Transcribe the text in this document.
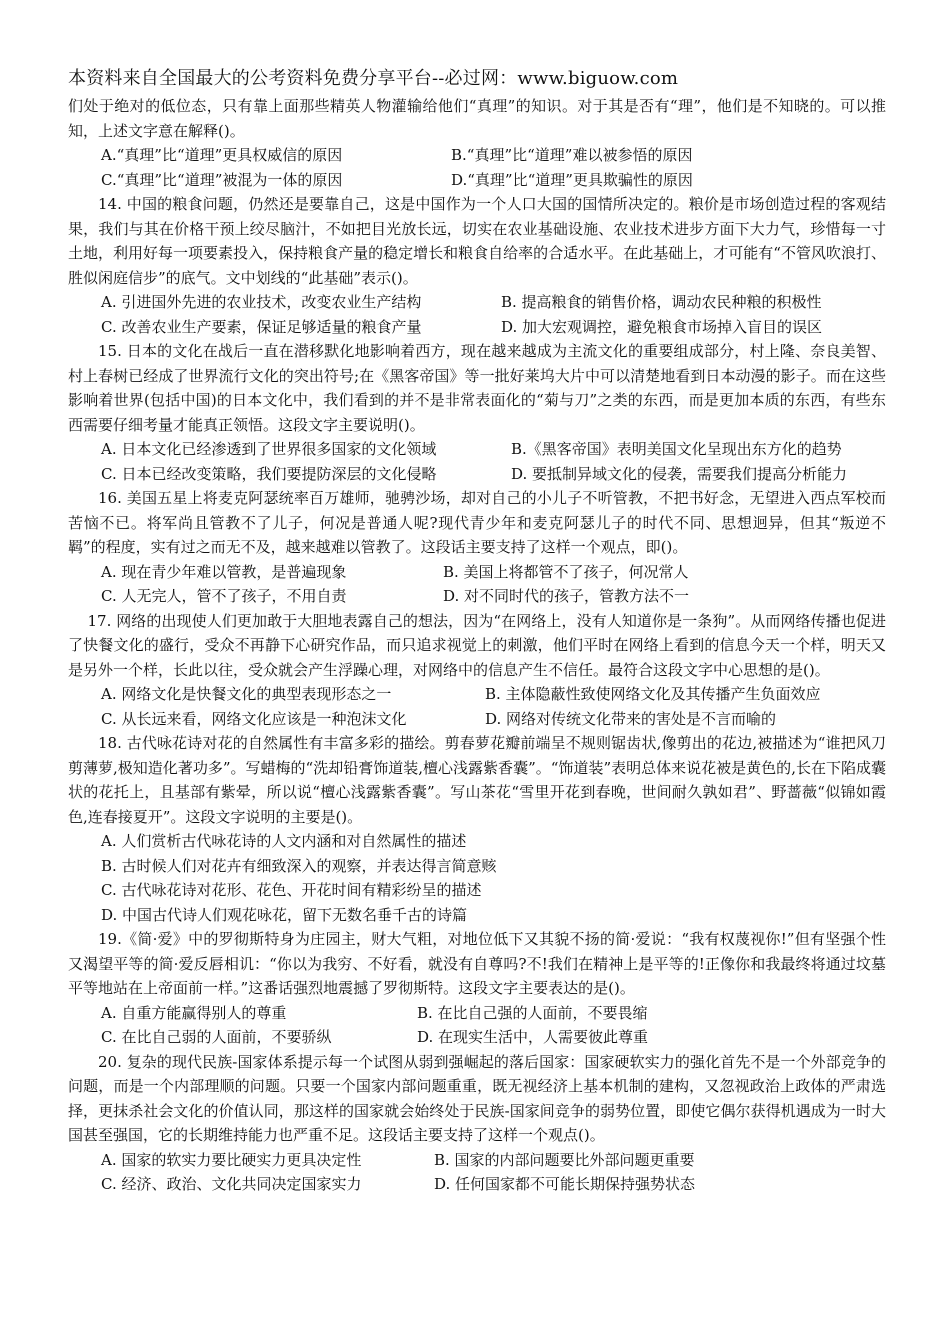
本资料来自全国最大的公考资料免费分享平台--必过网：www.biguow.com

们处于绝对的低位态，只有靠上面那些精英人物灌输给他们“真理”的知识。对于其是否有“理”，他们是不知晓的。可以推知，上述文字意在解释()。

A.“真理”比“道理”更具权威信的原因	B.“真理”比“道理”难以被参悟的原因
C.“真理”比“道理”被混为一体的原因	D.“真理”比“道理”更具欺骗性的原因

14. 中国的粮食问题，仍然还是要靠自己，这是中国作为一个人口大国的国情所决定的。粮价是市场创造过程的客观结果，我们与其在价格干预上绞尽脑汁，不如把目光放长远，切实在农业基础设施、农业技术进步方面下大力气，珍惜每一寸土地，利用好每一项要素投入，保持粮食产量的稳定增长和粮食自给率的合适水平。在此基础上，才可能有“不管风吹浪打、胜似闲庭信步”的底气。文中划线的“此基础”表示()。

A. 引进国外先进的农业技术，改变农业生产结构	B. 提高粮食的销售价格，调动农民种粮的积极性
C. 改善农业生产要素，保证足够适量的粮食产量	D. 加大宏观调控，避免粮食市场掉入盲目的误区

15. 日本的文化在战后一直在潜移默化地影响着西方，现在越来越成为主流文化的重要组成部分，村上隆、奈良美智、村上春树已经成了世界流行文化的突出符号;在《黑客帝国》等一批好莱坞大片中可以清楚地看到日本动漫的影子。而在这些影响着世界(包括中国)的日本文化中，我们看到的并不是非常表面化的“菊与刀”之类的东西，而是更加本质的东西，有些东西需要仔细考量才能真正领悟。这段文字主要说明()。

A. 日本文化已经渗透到了世界很多国家的文化领域	B.《黑客帝国》表明美国文化呈现出东方化的趋势
C. 日本已经改变策略，我们要提防深层的文化侵略	D. 要抵制异域文化的侵袭，需要我们提高分析能力

16. 美国五星上将麦克阿瑟统率百万雄师，驰骋沙场，却对自己的小儿子不听管教，不把书好念，无望进入西点军校而苦恼不已。将军尚且管教不了儿子，何况是普通人呢?现代青少年和麦克阿瑟儿子的时代不同、思想迥异，但其“叛逆不羁”的程度，实有过之而无不及，越来越难以管教了。这段话主要支持了这样一个观点，即()。

A. 现在青少年难以管教，是普遍现象	B. 美国上将都管不了孩子，何况常人
C. 人无完人，管不了孩子，不用自责	D. 对不同时代的孩子，管教方法不一

17. 网络的出现使人们更加敢于大胆地表露自己的想法，因为“在网络上，没有人知道你是一条狗”。从而网络传播也促进了快餐文化的盛行，受众不再静下心研究作品，而只追求视觉上的刺激，他们平时在网络上看到的信息今天一个样，明天又是另外一个样，长此以往，受众就会产生浮躁心理，对网络中的信息产生不信任。最符合这段文字中心思想的是()。

A. 网络文化是快餐文化的典型表现形态之一	B. 主体隐蔽性致使网络文化及其传播产生负面效应
C. 从长远来看，网络文化应该是一种泡沫文化	D. 网络对传统文化带来的害处是不言而喻的

18. 古代咏花诗对花的自然属性有丰富多彩的描绘。剪春萝花瓣前端呈不规则锯齿状,像剪出的花边,被描述为“谁把风刀剪薄萝,极知造化著功多”。写蜡梅的“洗却铅膏饰道装,檀心浅露紫香囊”。“饰道装”表明总体来说花被是黄色的,长在下陷成囊状的花托上，且基部有紫晕，所以说“檀心浅露紫香囊”。写山茶花“雪里开花到春晚，世间耐久孰如君”、野蔷薇“似锦如霞色,连春接夏开”。这段文字说明的主要是()。

A. 人们赏析古代咏花诗的人文内涵和对自然属性的描述
B. 古时候人们对花卉有细致深入的观察，并表达得言简意赅
C. 古代咏花诗对花形、花色、开花时间有精彩纷呈的描述
D. 中国古代诗人们观花咏花，留下无数名垂千古的诗篇

19.《简·爱》中的罗彻斯特身为庄园主，财大气粗，对地位低下又其貌不扬的简·爱说：“我有权蔑视你!”但有坚强个性又渴望平等的简·爱反唇相讥：“你以为我穷、不好看，就没有自尊吗?不!我们在精神上是平等的!正像你和我最终将通过坟墓平等地站在上帝面前一样。”这番话强烈地震撼了罗彻斯特。这段文字主要表达的是()。

A. 自重方能赢得别人的尊重	B. 在比自己强的人面前，不要畏缩
C. 在比自己弱的人面前，不要骄纵	D. 在现实生活中，人需要彼此尊重

20. 复杂的现代民族-国家体系提示每一个试图从弱到强崛起的落后国家：国家硬软实力的强化首先不是一个外部竞争的问题，而是一个内部理顺的问题。只要一个国家内部问题重重，既无视经济上基本机制的建构，又忽视政治上政体的严肃选择，更抹杀社会文化的价值认同，那这样的国家就会始终处于民族-国家间竞争的弱势位置，即使它偶尔获得机遇成为一时大国甚至强国，它的长期维持能力也严重不足。这段话主要支持了这样一个观点()。

A. 国家的软实力要比硬实力更具决定性	B. 国家的内部问题要比外部问题更重要
C. 经济、政治、文化共同决定国家实力	D. 任何国家都不可能长期保持强势状态
